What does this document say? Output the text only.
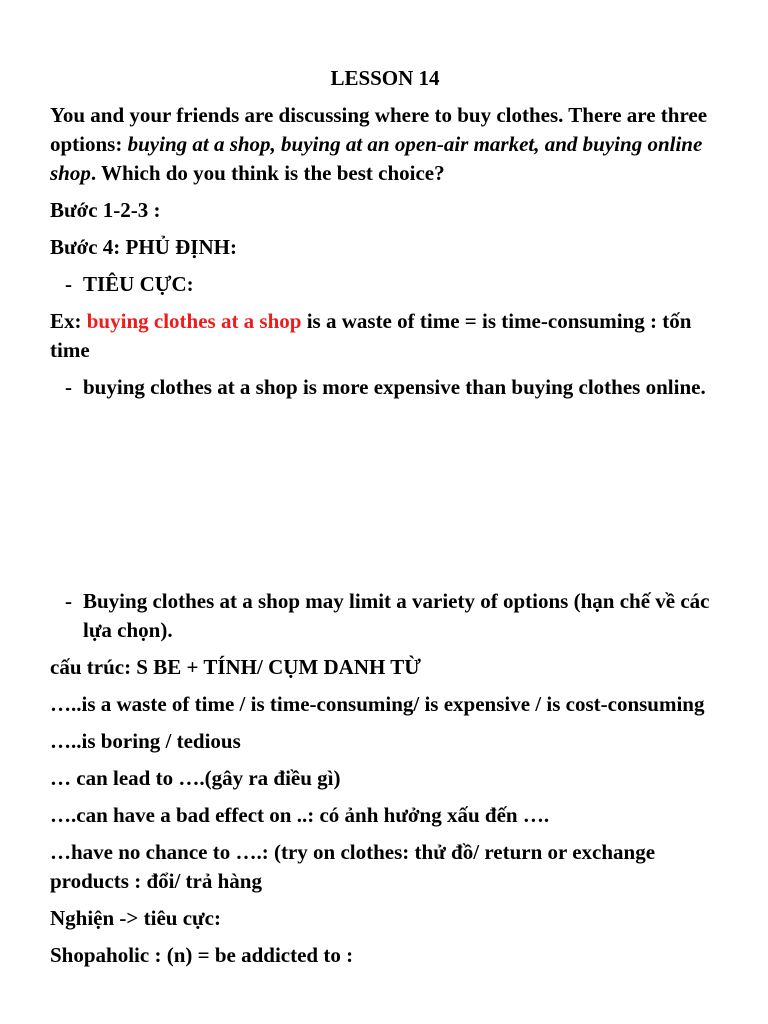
LESSON 14

You and your friends are discussing where to buy clothes. There are three options: buying at a shop, buying at an open-air market, and buying online shop. Which do you think is the best choice?

Bước 1-2-3 :

Bước 4: PHỦ ĐỊNH:

- TIÊU CỰC:

Ex: buying clothes at a shop is a waste of time = is time-consuming : tốn time

- buying clothes at a shop is more expensive than buying clothes online.
- Buying clothes at a shop may limit a variety of options (hạn chế về các lựa chọn).

cấu trúc: S BE + TÍNH/ CỤM DANH TỪ

…..is a waste of time / is time-consuming/ is expensive / is cost-consuming

…..is boring / tedious

… can lead to ….(gây ra điều gì)

….can have a bad effect on ..: có ảnh hưởng xấu đến ….

…have no chance to ….: (try on clothes: thử đồ/ return or exchange products : đổi/ trả hàng

Nghiện -> tiêu cực:

Shopaholic : (n) = be addicted to :
